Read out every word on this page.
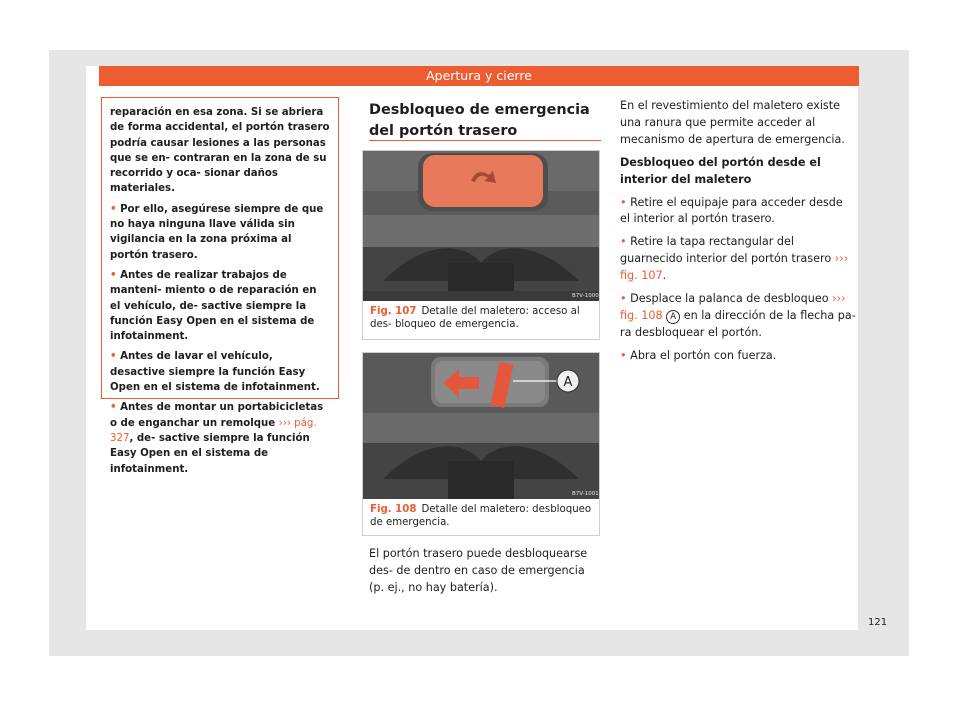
Apertura y cierre

reparación en esa zona. Si se abriera de forma accidental, el portón trasero podría causar lesiones a las personas que se en- contraran en la zona de su recorrido y oca- sionar daños materiales.

• Por ello, asegúrese siempre de que no haya ninguna llave válida sin vigilancia en la zona próxima al portón trasero.

• Antes de realizar trabajos de manteni- miento o de reparación en el vehículo, de- sactive siempre la función Easy Open en el sistema de infotainment.

• Antes de lavar el vehículo, desactive siempre la función Easy Open en el sistema de infotainment.

• Antes de montar un portabicicletas o de enganchar un remolque ››› pág. 327, de- sactive siempre la función Easy Open en el sistema de infotainment.

Desbloqueo de emergencia del portón trasero
B7V-1000
Fig. 107 Detalle del maletero: acceso al des- bloqueo de emergencia.
A
B7V-1001
Fig. 108 Detalle del maletero: desbloqueo de emergencia.

El portón trasero puede desbloquearse des- de dentro en caso de emergencia (p. ej., no hay batería).

En el revestimiento del maletero existe una ranura que permite acceder al mecanismo de apertura de emergencia.

Desbloqueo del portón desde el interior del maletero

• Retire el equipaje para acceder desde el interior al portón trasero.

• Retire la tapa rectangular del guarnecido interior del portón trasero ››› fig. 107.

• Desplace la palanca de desbloqueo ››› fig. 108 A en la dirección de la flecha pa- ra desbloquear el portón.

• Abra el portón con fuerza.

121
